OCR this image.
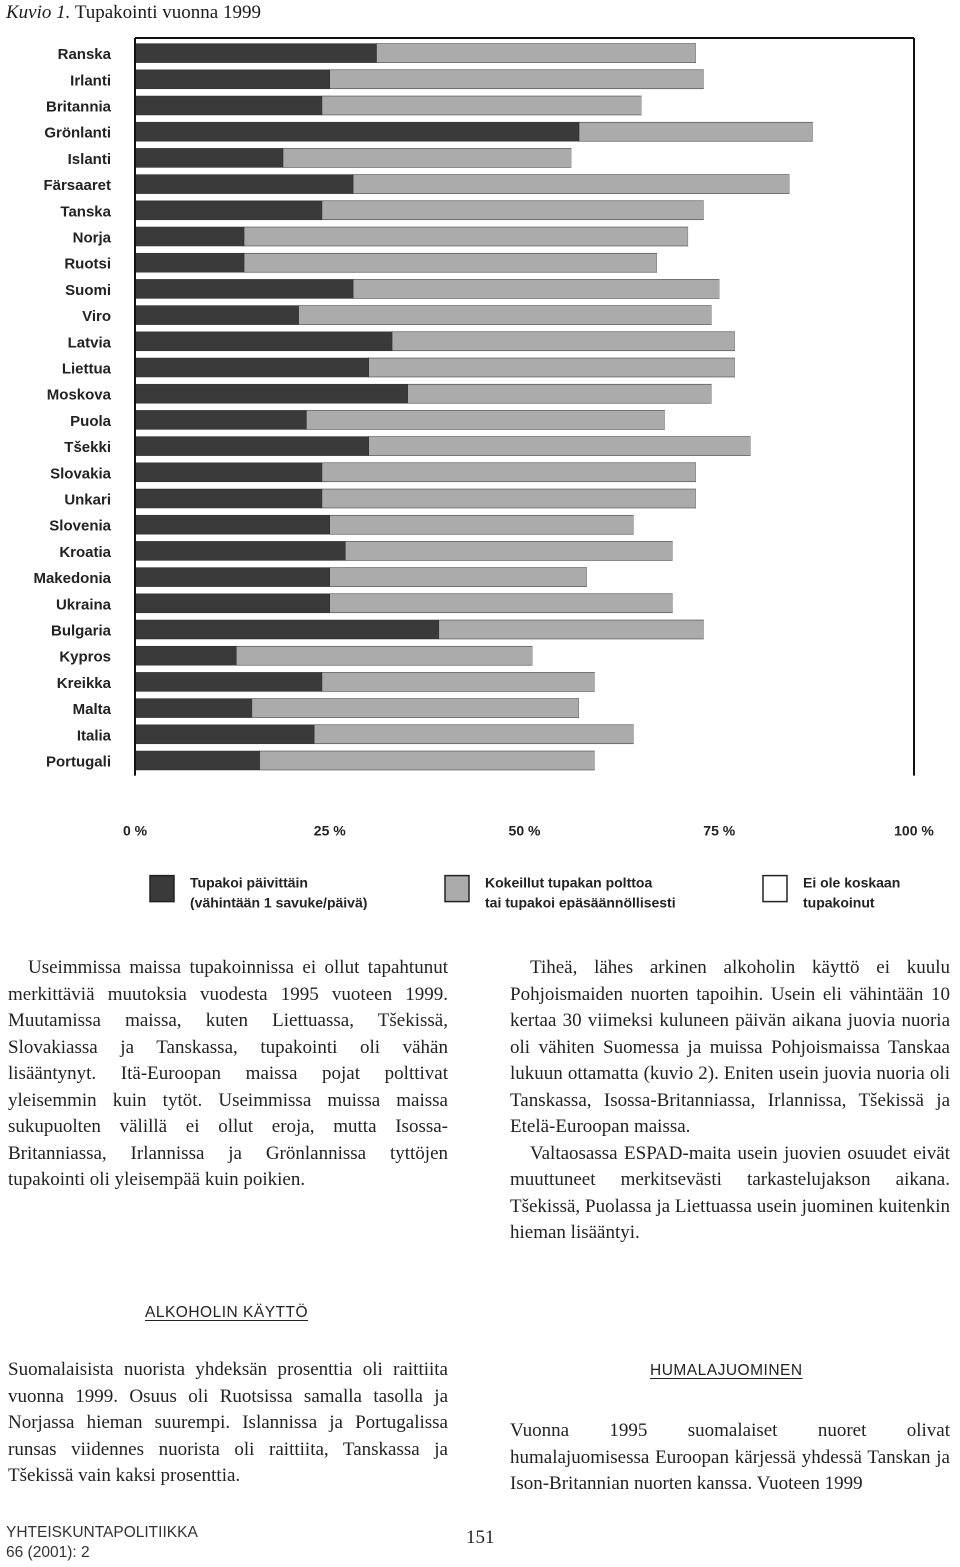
Kuvio 1. Tupakointi vuonna 1999
Ranska
Irlanti
Britannia
Grönlanti
Islanti
Färsaaret
Tanska
Norja
Ruotsi
Suomi
Viro
Latvia
Liettua
Moskova
Puola
Tšekki
Slovakia
Unkari
Slovenia
Kroatia
Makedonia
Ukraina
Bulgaria
Kypros
Kreikka
Malta
Italia
Portugali
0 %	25 %	50 %	75 %	100 %
Tupakoi päivittäin
(vähintään 1 savuke/päivä)
Kokeillut tupakan polttoa
tai tupakoi epäsäännöllisesti
Ei ole koskaan
tupakoinut

Useimmissa maissa tupakoinnissa ei ollut tapahtunut merkittäviä muutoksia vuodesta 1995 vuoteen 1999. Muutamissa maissa, kuten Liettuassa, Tšekissä, Slovakiassa ja Tanskassa, tupakointi oli vähän lisääntynyt. Itä-Euroopan maissa pojat polttivat yleisemmin kuin tytöt. Useimmissa muissa maissa sukupuolten välillä ei ollut eroja, mutta Isossa-Britanniassa, Irlannissa ja Grönlannissa tyttöjen tupakointi oli yleisempää kuin poikien.

ALKOHOLIN KÄYTTÖ

Suomalaisista nuorista yhdeksän prosenttia oli raittiita vuonna 1999. Osuus oli Ruotsissa samalla tasolla ja Norjassa hieman suurempi. Islannissa ja Portugalissa runsas viidennes nuorista oli raittiita, Tanskassa ja Tšekissä vain kaksi prosenttia.

Tiheä, lähes arkinen alkoholin käyttö ei kuulu Pohjoismaiden nuorten tapoihin. Usein eli vähintään 10 kertaa 30 viimeksi kuluneen päivän aikana juovia nuoria oli vähiten Suomessa ja muissa Pohjoismaissa Tanskaa lukuun ottamatta (kuvio 2). Eniten usein juovia nuoria oli Tanskassa, Isossa-Britanniassa, Irlannissa, Tšekissä ja Etelä-Euroopan maissa.

Valtaosassa ESPAD-maita usein juovien osuudet eivät muuttuneet merkitsevästi tarkastelujakson aikana. Tšekissä, Puolassa ja Liettuassa usein juominen kuitenkin hieman lisääntyi.

HUMALAJUOMINEN

Vuonna 1995 suomalaiset nuoret olivat humalajuomisessa Euroopan kärjessä yhdessä Tanskan ja Ison-Britannian nuorten kanssa. Vuoteen 1999

YHTEISKUNTAPOLITIIKKA
66 (2001): 2
151
